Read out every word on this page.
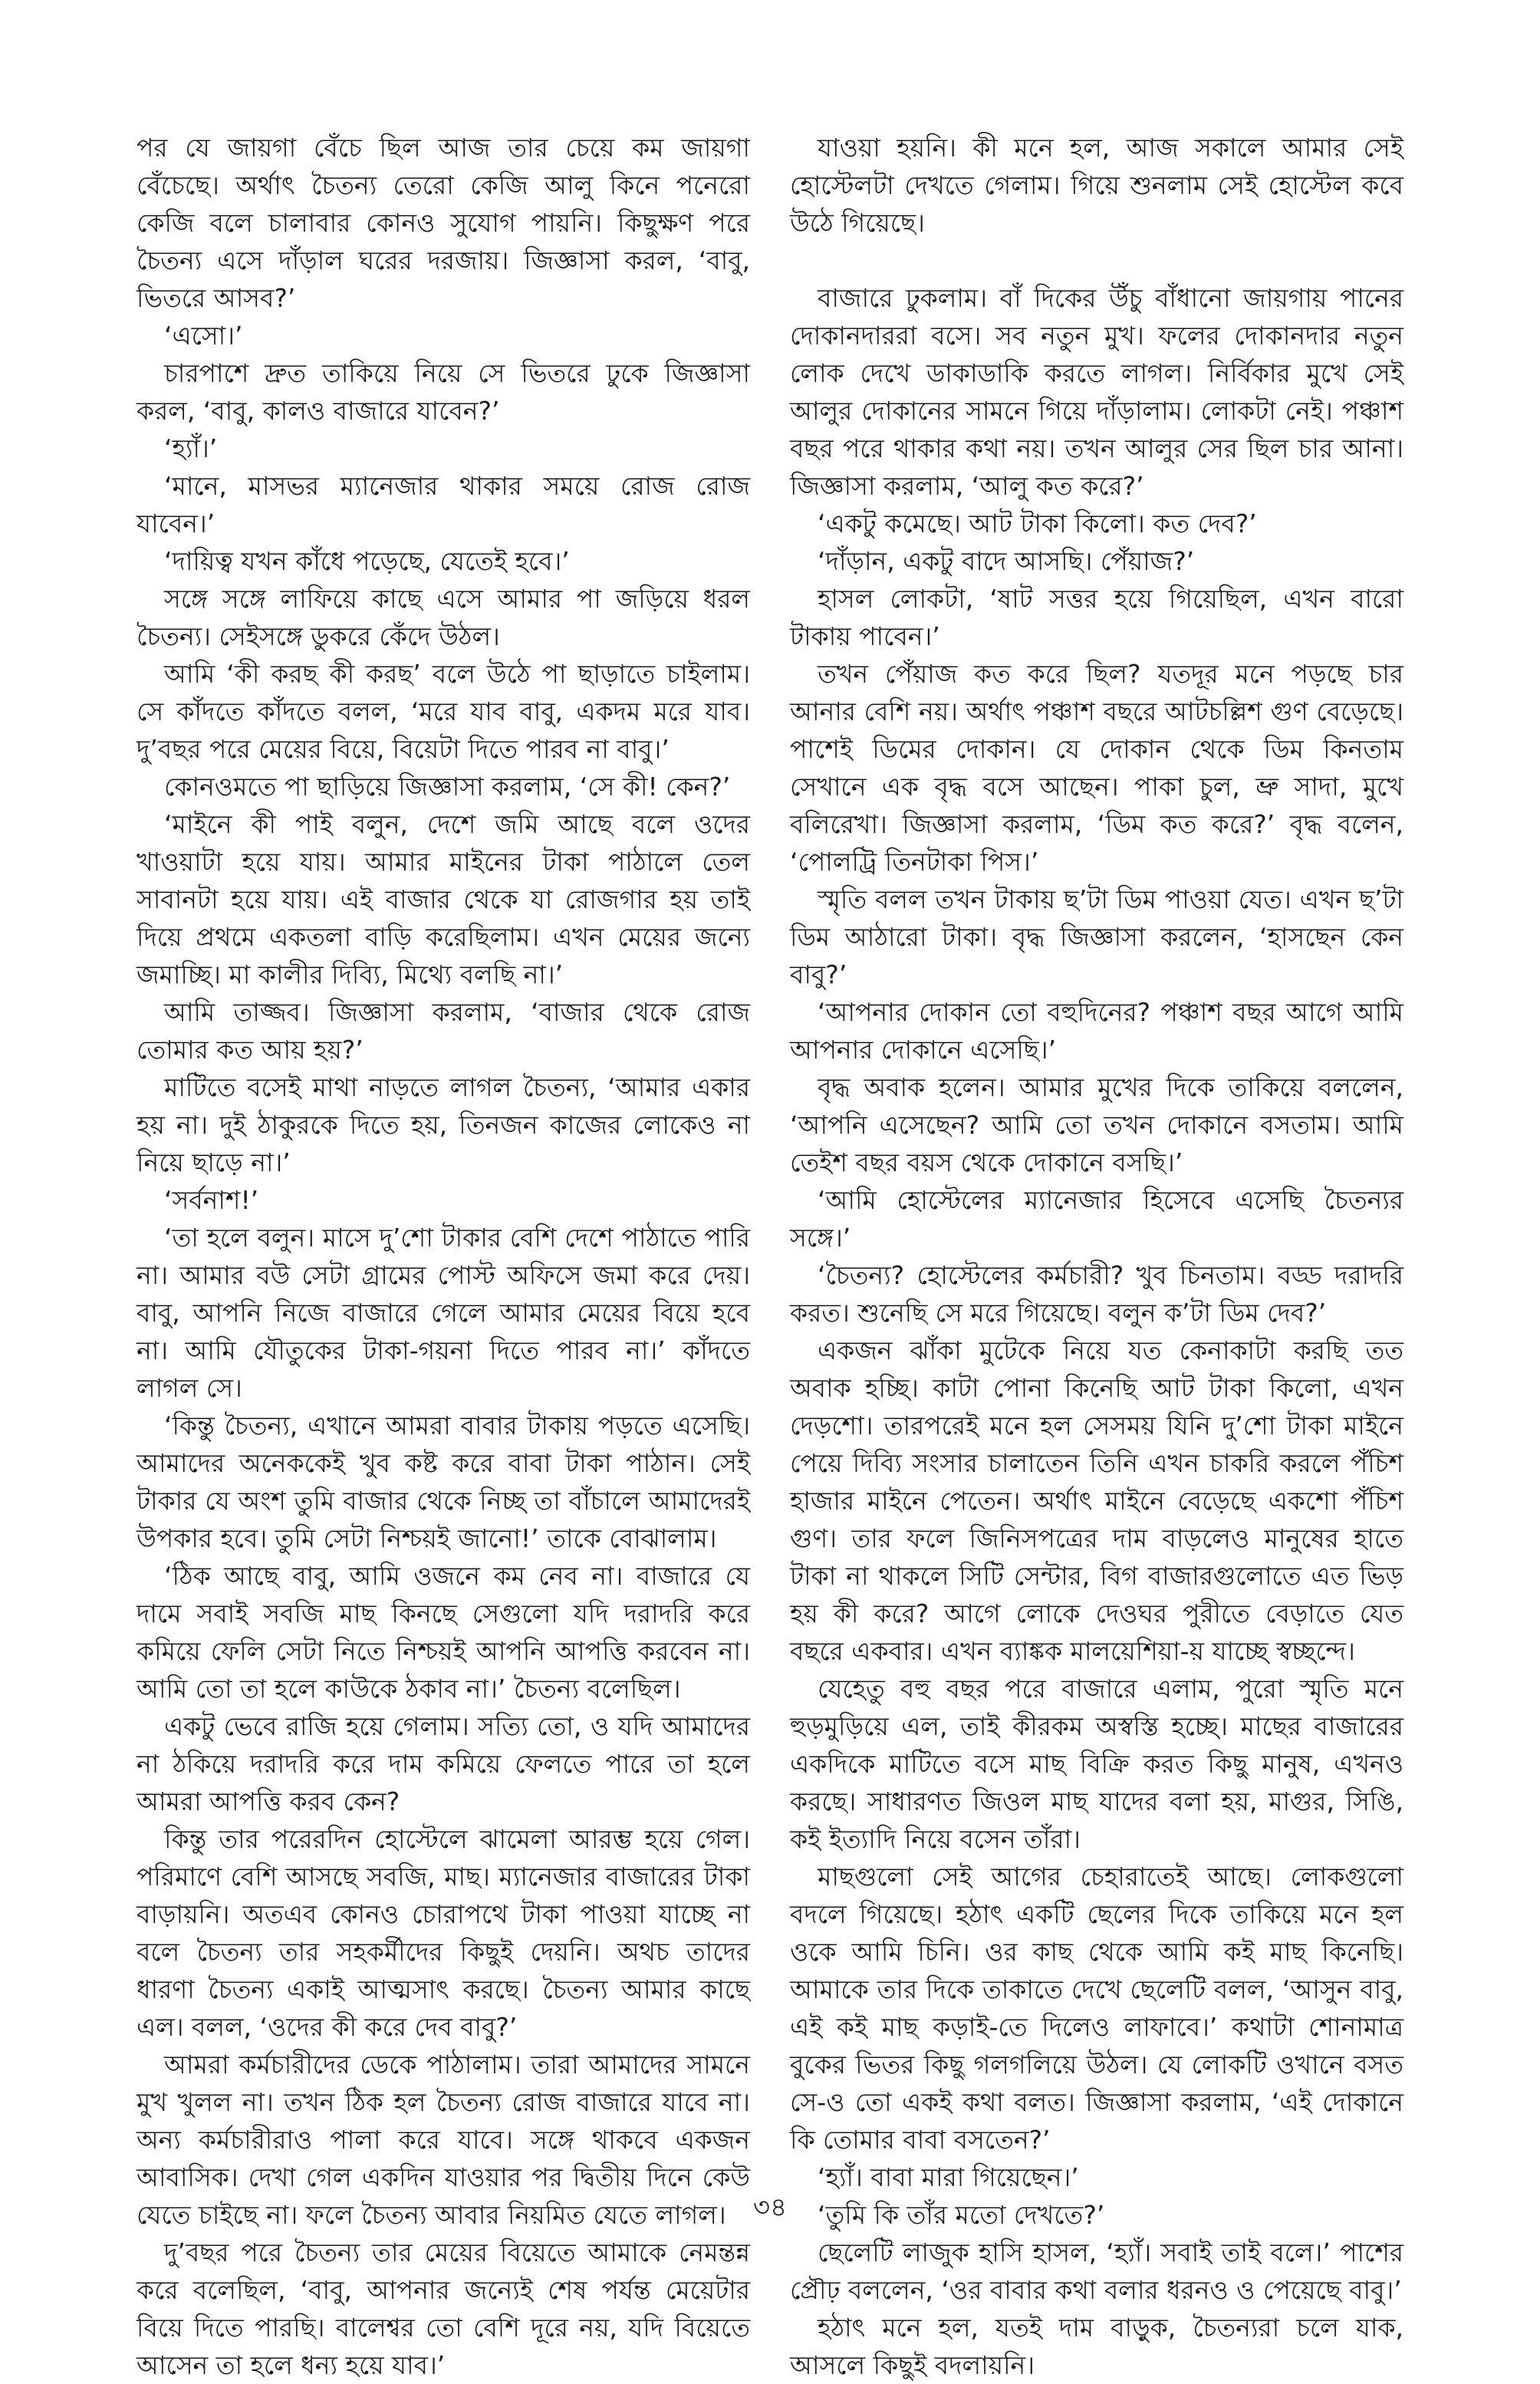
পর যে জায়গা বেঁচে ছিল আজ তার চেয়ে কম জায়গা বেঁচেছে। অর্থাৎ চৈতন্য তেরো কেজি আলু কিনে পনেরো কেজি বলে চালাবার কোনও সুযোগ পায়নি। কিছুক্ষণ পরে চৈতন্য এসে দাঁড়াল ঘরের দরজায়। জিজ্ঞাসা করল, ‘বাবু, ভিতরে আসব?’

‘এসো।’

চারপাশে দ্রুত তাকিয়ে নিয়ে সে ভিতরে ঢুকে জিজ্ঞাসা করল, ‘বাবু, কালও বাজারে যাবেন?’

‘হ্যাঁ।’

‘মানে, মাসভর ম্যানেজার থাকার সময়ে রোজ রোজ যাবেন।’

‘দায়িত্ব যখন কাঁধে পড়েছে, যেতেই হবে।’

সঙ্গে সঙ্গে লাফিয়ে কাছে এসে আমার পা জড়িয়ে ধরল চৈতন্য। সেইসঙ্গে ডুকরে কেঁদে উঠল।

আমি ‘কী করছ কী করছ’ বলে উঠে পা ছাড়াতে চাইলাম। সে কাঁদতে কাঁদতে বলল, ‘মরে যাব বাবু, একদম মরে যাব। দু’বছর পরে মেয়ের বিয়ে, বিয়েটা দিতে পারব না বাবু।’

কোনওমতে পা ছাড়িয়ে জিজ্ঞাসা করলাম, ‘সে কী! কেন?’

‘মাইনে কী পাই বলুন, দেশে জমি আছে বলে ওদের খাওয়াটা হয়ে যায়। আমার মাইনের টাকা পাঠালে তেল সাবানটা হয়ে যায়। এই বাজার থেকে যা রোজগার হয় তাই দিয়ে প্রথমে একতলা বাড়ি করেছিলাম। এখন মেয়ের জন্যে জমাচ্ছি। মা কালীর দিব্যি, মিথ্যে বলছি না।’

আমি তাজ্জব। জিজ্ঞাসা করলাম, ‘বাজার থেকে রোজ তোমার কত আয় হয়?’

মাটিতে বসেই মাথা নাড়তে লাগল চৈতন্য, ‘আমার একার হয় না। দুই ঠাকুরকে দিতে হয়, তিনজন কাজের লোকেও না নিয়ে ছাড়ে না।’

‘সর্বনাশ!’

‘তা হলে বলুন। মাসে দু’শো টাকার বেশি দেশে পাঠাতে পারি না। আমার বউ সেটা গ্রামের পোস্ট অফিসে জমা করে দেয়। বাবু, আপনি নিজে বাজারে গেলে আমার মেয়ের বিয়ে হবে না। আমি যৌতুকের টাকা-গয়না দিতে পারব না।’ কাঁদতে লাগল সে।

‘কিন্তু চৈতন্য, এখানে আমরা বাবার টাকায় পড়তে এসেছি। আমাদের অনেককেই খুব কষ্ট করে বাবা টাকা পাঠান। সেই টাকার যে অংশ তুমি বাজার থেকে নিচ্ছ তা বাঁচালে আমাদেরই উপকার হবে। তুমি সেটা নিশ্চয়ই জানো!’ তাকে বোঝালাম।

‘ঠিক আছে বাবু, আমি ওজনে কম নেব না। বাজারে যে দামে সবাই সবজি মাছ কিনছে সেগুলো যদি দরাদরি করে কমিয়ে ফেলি সেটা নিতে নিশ্চয়ই আপনি আপত্তি করবেন না। আমি তো তা হলে কাউকে ঠকাব না।’ চৈতন্য বলেছিল।

একটু ভেবে রাজি হয়ে গেলাম। সত্যি তো, ও যদি আমাদের না ঠকিয়ে দরাদরি করে দাম কমিয়ে ফেলতে পারে তা হলে আমরা আপত্তি করব কেন?

কিন্তু তার পরেরদিন হোস্টেলে ঝামেলা আরম্ভ হয়ে গেল। পরিমাণে বেশি আসছে সবজি, মাছ। ম্যানেজার বাজারের টাকা বাড়ায়নি। অতএব কোনও চোরাপথে টাকা পাওয়া যাচ্ছে না বলে চৈতন্য তার সহকর্মীদের কিছুই দেয়নি। অথচ তাদের ধারণা চৈতন্য একাই আত্মসাৎ করছে। চৈতন্য আমার কাছে এল। বলল, ‘ওদের কী করে দেব বাবু?’

আমরা কর্মচারীদের ডেকে পাঠালাম। তারা আমাদের সামনে মুখ খুলল না। তখন ঠিক হল চৈতন্য রোজ বাজারে যাবে না। অন্য কর্মচারীরাও পালা করে যাবে। সঙ্গে থাকবে একজন আবাসিক। দেখা গেল একদিন যাওয়ার পর দ্বিতীয় দিনে কেউ যেতে চাইছে না। ফলে চৈতন্য আবার নিয়মিত যেতে লাগল।

দু’বছর পরে চৈতন্য তার মেয়ের বিয়েতে আমাকে নেমন্তন্ন করে বলেছিল, ‘বাবু, আপনার জন্যেই শেষ পর্যন্ত মেয়েটার বিয়ে দিতে পারছি। বালেশ্বর তো বেশি দূরে নয়, যদি বিয়েতে আসেন তা হলে ধন্য হয়ে যাব।’

যাওয়া হয়নি। কী মনে হল, আজ সকালে আমার সেই হোস্টেলটা দেখতে গেলাম। গিয়ে শুনলাম সেই হোস্টেল কবে উঠে গিয়েছে।

বাজারে ঢুকলাম। বাঁ দিকের উঁচু বাঁধানো জায়গায় পানের দোকানদাররা বসে। সব নতুন মুখ। ফলের দোকানদার নতুন লোক দেখে ডাকাডাকি করতে লাগল। নির্বিকার মুখে সেই আলুর দোকানের সামনে গিয়ে দাঁড়ালাম। লোকটা নেই। পঞ্চাশ বছর পরে থাকার কথা নয়। তখন আলুর সের ছিল চার আনা। জিজ্ঞাসা করলাম, ‘আলু কত করে?’

‘একটু কমেছে। আট টাকা কিলো। কত দেব?’

‘দাঁড়ান, একটু বাদে আসছি। পেঁয়াজ?’

হাসল লোকটা, ‘ষাট সত্তর হয়ে গিয়েছিল, এখন বারো টাকায় পাবেন।’

তখন পেঁয়াজ কত করে ছিল? যতদূর মনে পড়ছে চার আনার বেশি নয়। অর্থাৎ পঞ্চাশ বছরে আটচল্লিশ গুণ বেড়েছে। পাশেই ডিমের দোকান। যে দোকান থেকে ডিম কিনতাম সেখানে এক বৃদ্ধ বসে আছেন। পাকা চুল, ভ্রু সাদা, মুখে বলিরেখা। জিজ্ঞাসা করলাম, ‘ডিম কত করে?’ বৃদ্ধ বলেন, ‘পোলট্রি তিনটাকা পিস।’

স্মৃতি বলল তখন টাকায় ছ’টা ডিম পাওয়া যেত। এখন ছ’টা ডিম আঠারো টাকা। বৃদ্ধ জিজ্ঞাসা করলেন, ‘হাসছেন কেন বাবু?’

‘আপনার দোকান তো বহুদিনের? পঞ্চাশ বছর আগে আমি আপনার দোকানে এসেছি।’

বৃদ্ধ অবাক হলেন। আমার মুখের দিকে তাকিয়ে বললেন, ‘আপনি এসেছেন? আমি তো তখন দোকানে বসতাম। আমি তেইশ বছর বয়স থেকে দোকানে বসছি।’

‘আমি হোস্টেলের ম্যানেজার হিসেবে এসেছি চৈতন্যর সঙ্গে।’

‘চৈতন্য? হোস্টেলের কর্মচারী? খুব চিনতাম। বড্ড দরাদরি করত। শুনেছি সে মরে গিয়েছে। বলুন ক’টা ডিম দেব?’

একজন ঝাঁকা মুটেকে নিয়ে যত কেনাকাটা করছি তত অবাক হচ্ছি। কাটা পোনা কিনেছি আট টাকা কিলো, এখন দেড়শো। তারপরেই মনে হল সেসময় যিনি দু’শো টাকা মাইনে পেয়ে দিব্যি সংসার চালাতেন তিনি এখন চাকরি করলে পঁচিশ হাজার মাইনে পেতেন। অর্থাৎ মাইনে বেড়েছে একশো পঁচিশ গুণ। তার ফলে জিনিসপত্রের দাম বাড়লেও মানুষের হাতে টাকা না থাকলে সিটি সেন্টার, বিগ বাজারগুলোতে এত ভিড় হয় কী করে? আগে লোকে দেওঘর পুরীতে বেড়াতে যেত বছরে একবার। এখন ব্যাঙ্কক মালয়েশিয়া-য় যাচ্ছে স্বচ্ছন্দে।

যেহেতু বহু বছর পরে বাজারে এলাম, পুরো স্মৃতি মনে হুড়মুড়িয়ে এল, তাই কীরকম অস্বস্তি হচ্ছে। মাছের বাজারের একদিকে মাটিতে বসে মাছ বিক্রি করত কিছু মানুষ, এখনও করছে। সাধারণত জিওল মাছ যাদের বলা হয়, মাগুর, সিঙি, কই ইত্যাদি নিয়ে বসেন তাঁরা।

মাছগুলো সেই আগের চেহারাতেই আছে। লোকগুলো বদলে গিয়েছে। হঠাৎ একটি ছেলের দিকে তাকিয়ে মনে হল ওকে আমি চিনি। ওর কাছ থেকে আমি কই মাছ কিনেছি। আমাকে তার দিকে তাকাতে দেখে ছেলেটি বলল, ‘আসুন বাবু, এই কই মাছ কড়াই-তে দিলেও লাফাবে।’ কথাটা শোনামাত্র বুকের ভিতর কিছু গলগলিয়ে উঠল। যে লোকটি ওখানে বসত সে-ও তো একই কথা বলত। জিজ্ঞাসা করলাম, ‘এই দোকানে কি তোমার বাবা বসতেন?’

‘হ্যাঁ। বাবা মারা গিয়েছেন।’

‘তুমি কি তাঁর মতো দেখতে?’

ছেলেটি লাজুক হাসি হাসল, ‘হ্যাঁ। সবাই তাই বলে।’ পাশের প্রৌঢ় বললেন, ‘ওর বাবার কথা বলার ধরনও ও পেয়েছে বাবু।’

হঠাৎ মনে হল, যতই দাম বাড়ুক, চৈতন্যরা চলে যাক, আসলে কিছুই বদলায়নি।

৩৪
